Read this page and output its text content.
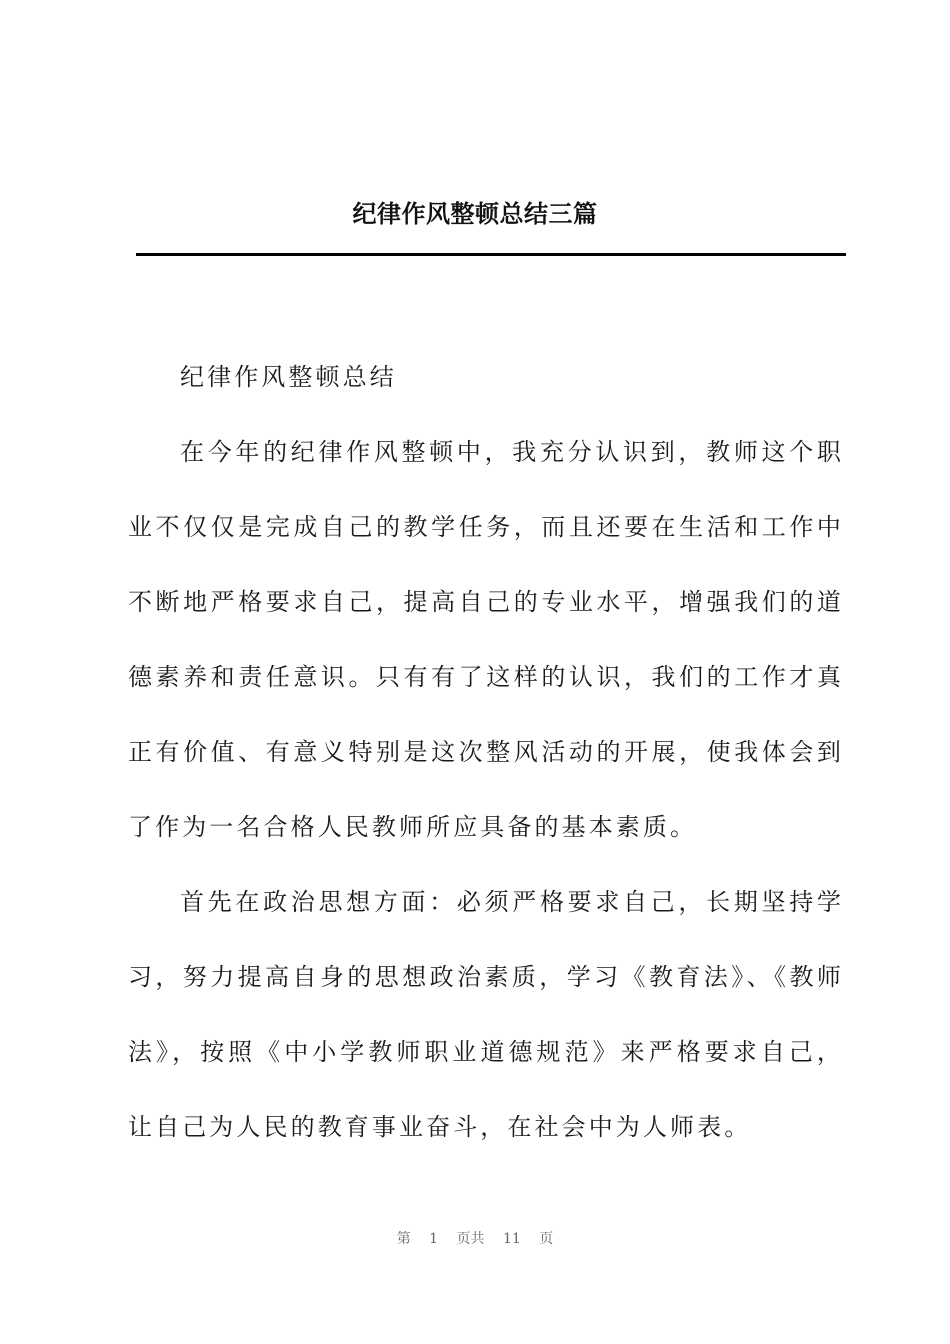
纪律作风整顿总结三篇

纪律作风整顿总结

在今年的纪律作风整顿中，我充分认识到，教师这个职业不仅仅是完成自己的教学任务，而且还要在生活和工作中不断地严格要求自己，提高自己的专业水平，增强我们的道德素养和责任意识。只有有了这样的认识，我们的工作才真正有价值、有意义特别是这次整风活动的开展，使我体会到了作为一名合格人民教师所应具备的基本素质。

首先在政治思想方面：必须严格要求自己，长期坚持学习，努力提高自身的思想政治素质，学习《教育法》、《教师法》，按照《中小学教师职业道德规范》来严格要求自己，让自己为人民的教育事业奋斗，在社会中为人师表。

第 1 页共 11 页
